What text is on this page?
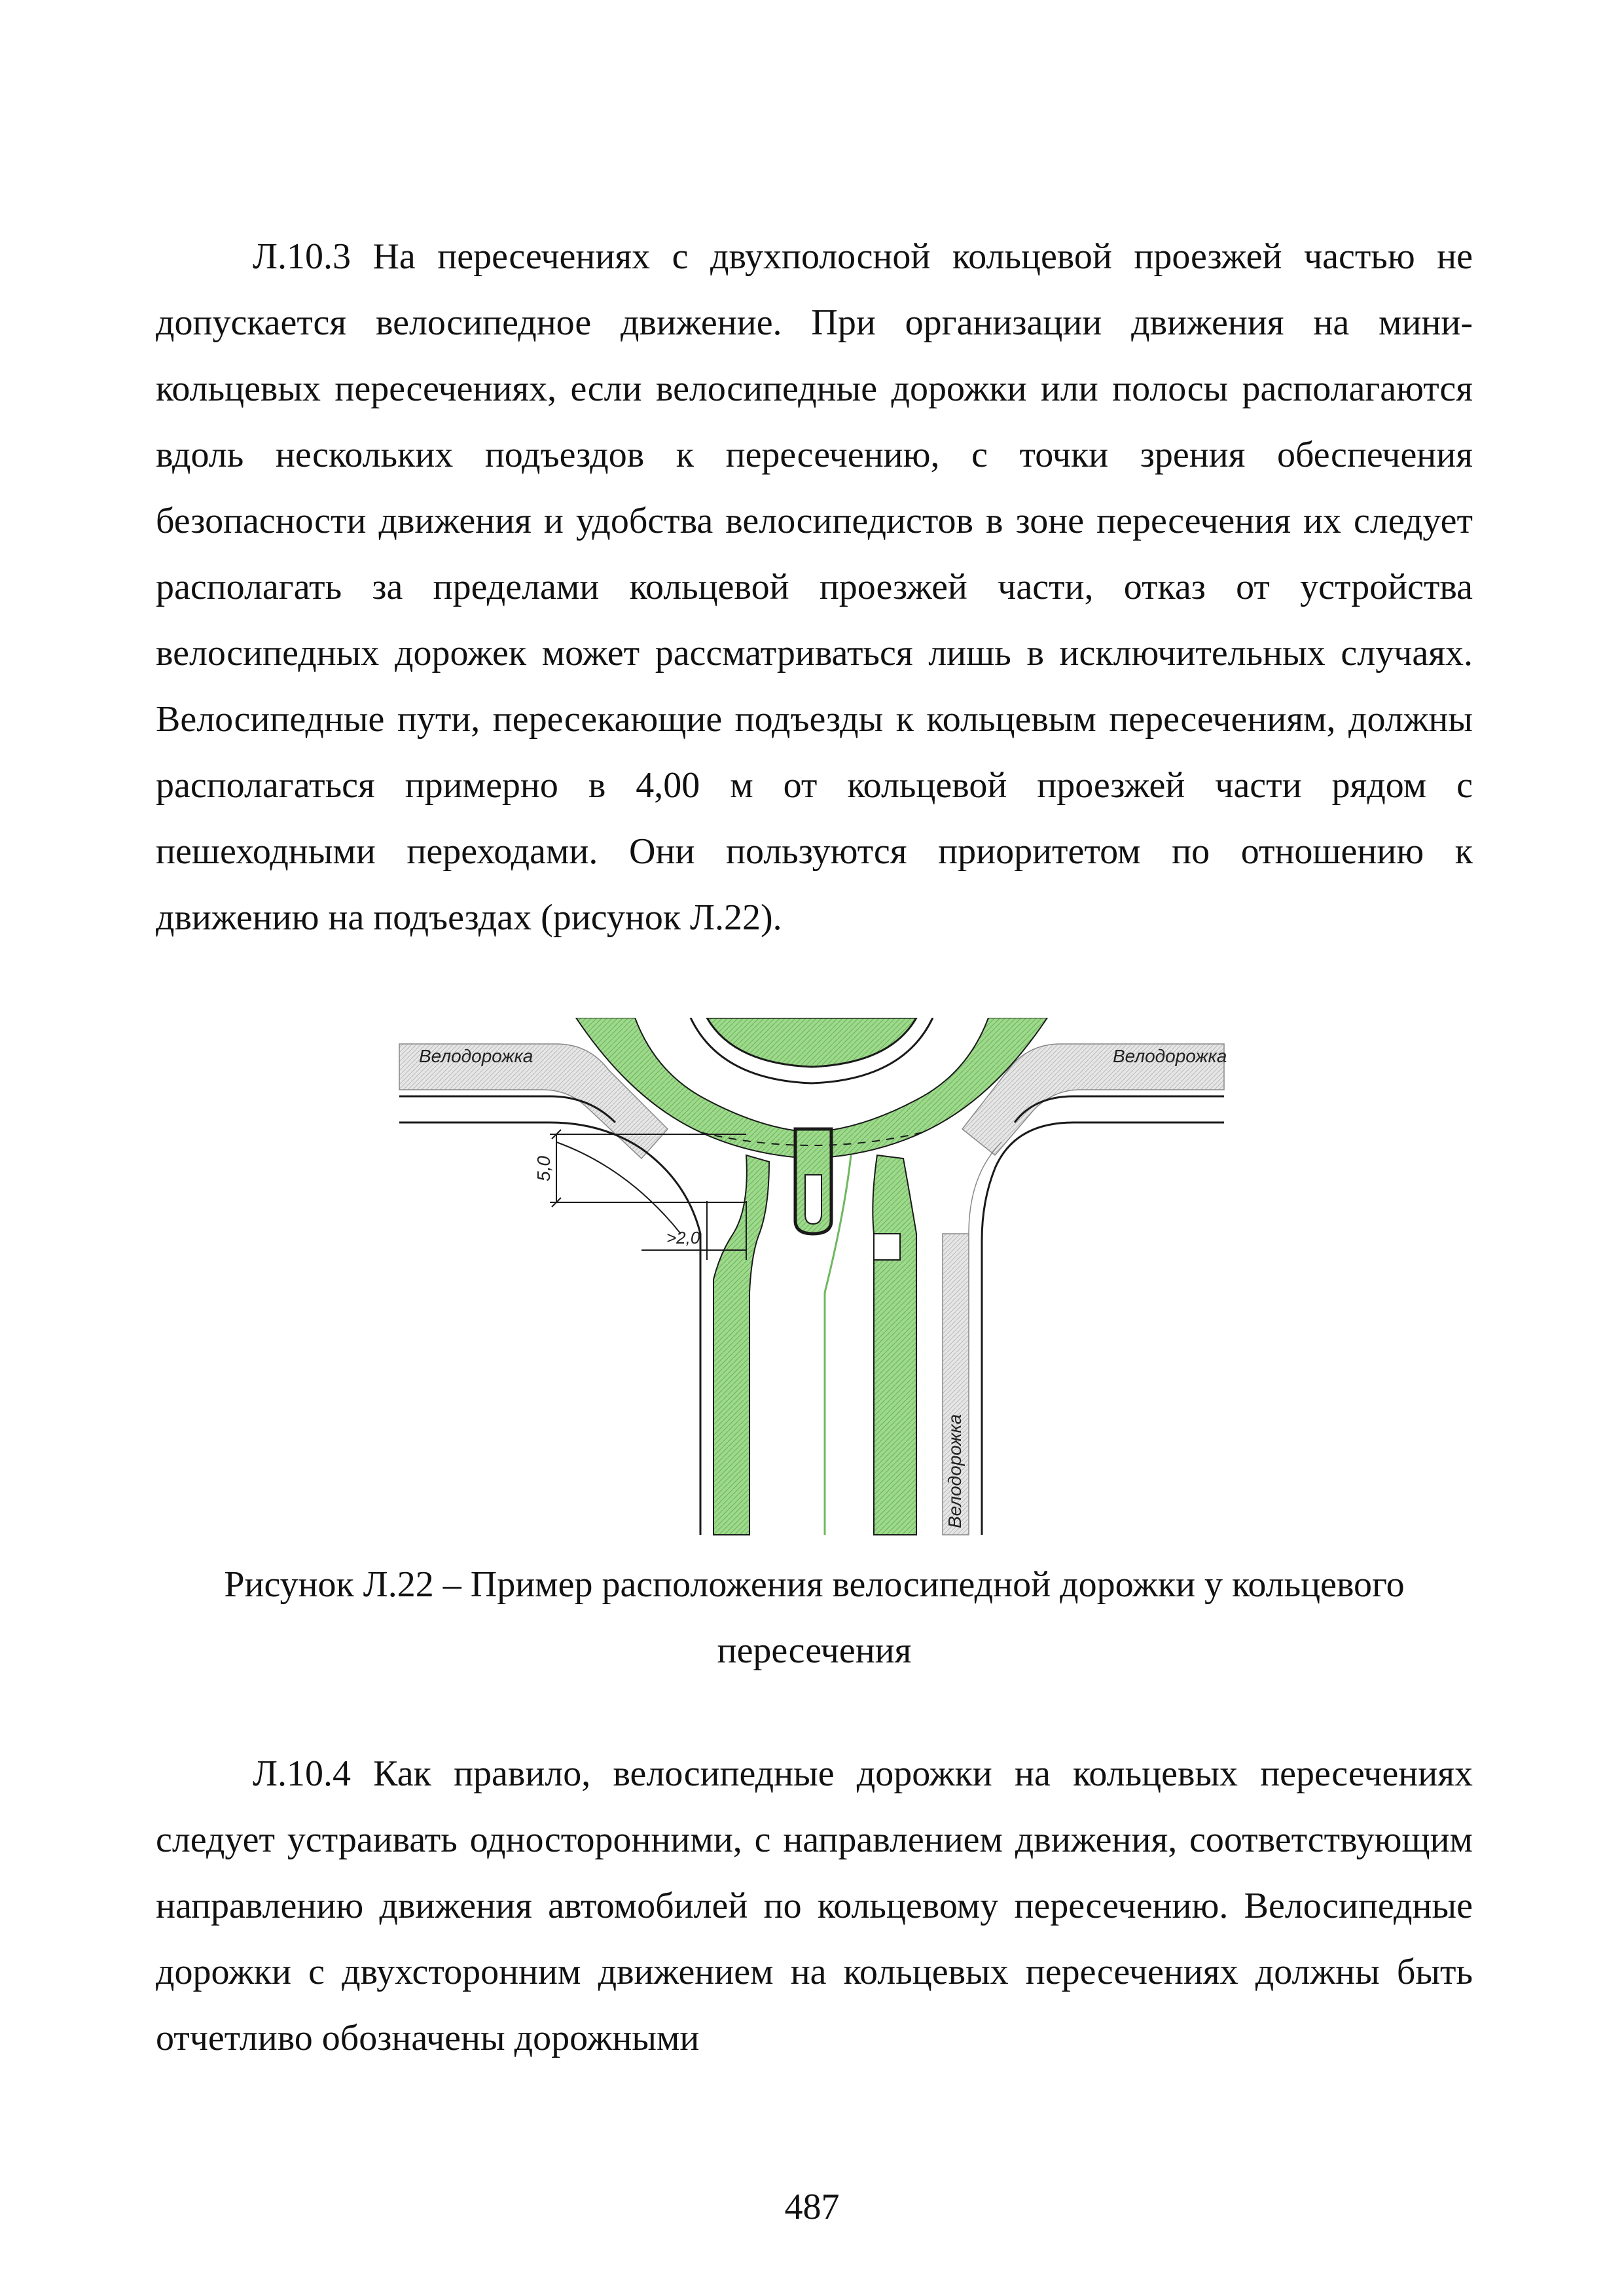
Л.10.3 На пересечениях с двухполосной кольцевой проезжей частью не допускается велосипедное движение. При организации движения на мини-кольцевых пересечениях, если велосипедные дорожки или полосы располагаются вдоль нескольких подъездов к пересечению, с точки зрения обеспечения безопасности движения и удобства велосипедистов в зоне пересечения их следует располагать за пределами кольцевой проезжей части, отказ от устройства велосипедных дорожек может рассматриваться лишь в исключительных случаях. Велосипедные пути, пересекающие подъезды к кольцевым пересечениям, должны располагаться примерно в 4,00 м от кольцевой проезжей части рядом с пешеходными переходами. Они пользуются приоритетом по отношению к движению на подъездах (рисунок Л.22).

Велодорожка	Велодорожка
Велодорожка
5,0
>2,0

Рисунок Л.22 – Пример расположения велосипедной дорожки у кольцевого пересечения

Л.10.4 Как правило, велосипедные дорожки на кольцевых пересечениях следует устраивать односторонними, с направлением движения, соответствующим направлению движения автомобилей по кольцевому пересечению. Велосипедные дорожки с двухсторонним движением на кольцевых пересечениях должны быть отчетливо обозначены дорожными

487
